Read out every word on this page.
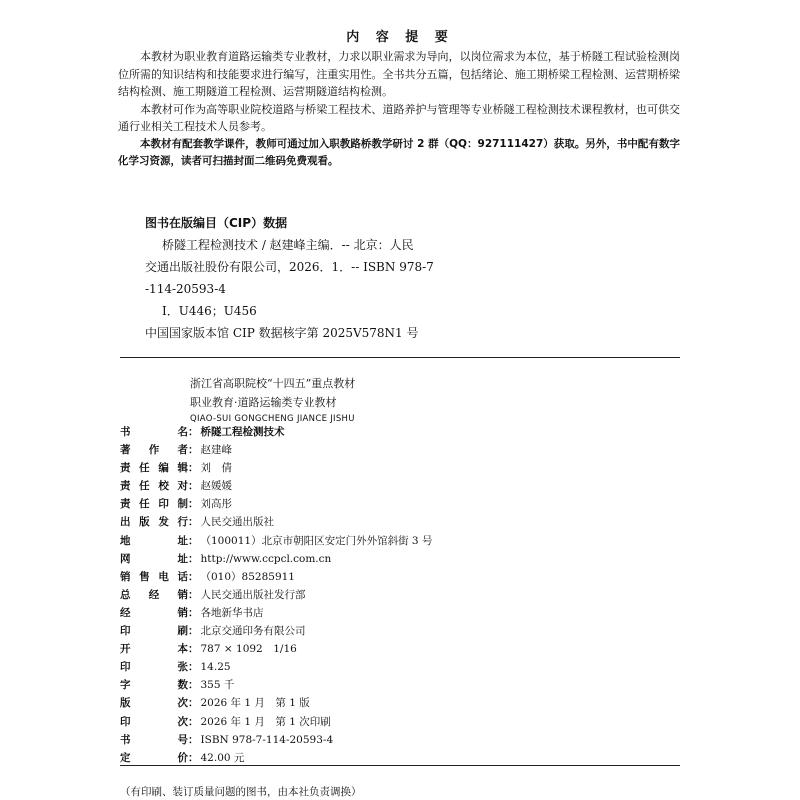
内 容 提 要

本教材为职业教育道路运输类专业教材，力求以职业需求为导向，以岗位需求为本位，基于桥隧工程试验检测岗位所需的知识结构和技能要求进行编写，注重实用性。全书共分五篇，包括绪论、施工期桥梁工程检测、运营期桥梁结构检测、施工期隧道工程检测、运营期隧道结构检测。

本教材可作为高等职业院校道路与桥梁工程技术、道路养护与管理等专业桥隧工程检测技术课程教材，也可供交通行业相关工程技术人员参考。

本教材有配套教学课件，教师可通过加入职教路桥教学研讨 2 群（QQ：927111427）获取。另外，书中配有数字化学习资源，读者可扫描封面二维码免费观看。

图书在版编目（CIP）数据
桥隧工程检测技术 / 赵建峰主编．-- 北京：人民
交通出版社股份有限公司，2026．1．-- ISBN 978-7
-114-20593-4
Ⅰ．U446；U456
中国国家版本馆 CIP 数据核字第 2025V578N1 号
浙江省高职院校“十四五”重点教材
职业教育·道路运输类专业教材
QIAO-SUI GONGCHENG JIANCE JISHU
书	名 ： 桥隧工程检测技术
著 作 者 ： 赵建峰
责 任 编 辑 ： 刘　倩
责 任 校 对 ： 赵媛媛
责 任 印 制 ： 刘高彤
出 版 发 行 ： 人民交通出版社
地	址 ： （100011）北京市朝阳区安定门外外馆斜街 3 号
网	址 ： http://www.ccpcl.com.cn
销 售 电 话 ： （010）85285911
总 经 销 ： 人民交通出版社发行部
经	销 ： 各地新华书店
印	刷 ： 北京交通印务有限公司
开	本 ： 787 × 1092　1/16
印	张 ： 14.25
字	数 ： 355 千
版	次 ： 2026 年 1 月　第 1 版
印	次 ： 2026 年 1 月　第 1 次印刷
书	号 ： ISBN 978-7-114-20593-4
定	价 ： 42.00 元
（有印刷、装订质量问题的图书，由本社负责调换）
